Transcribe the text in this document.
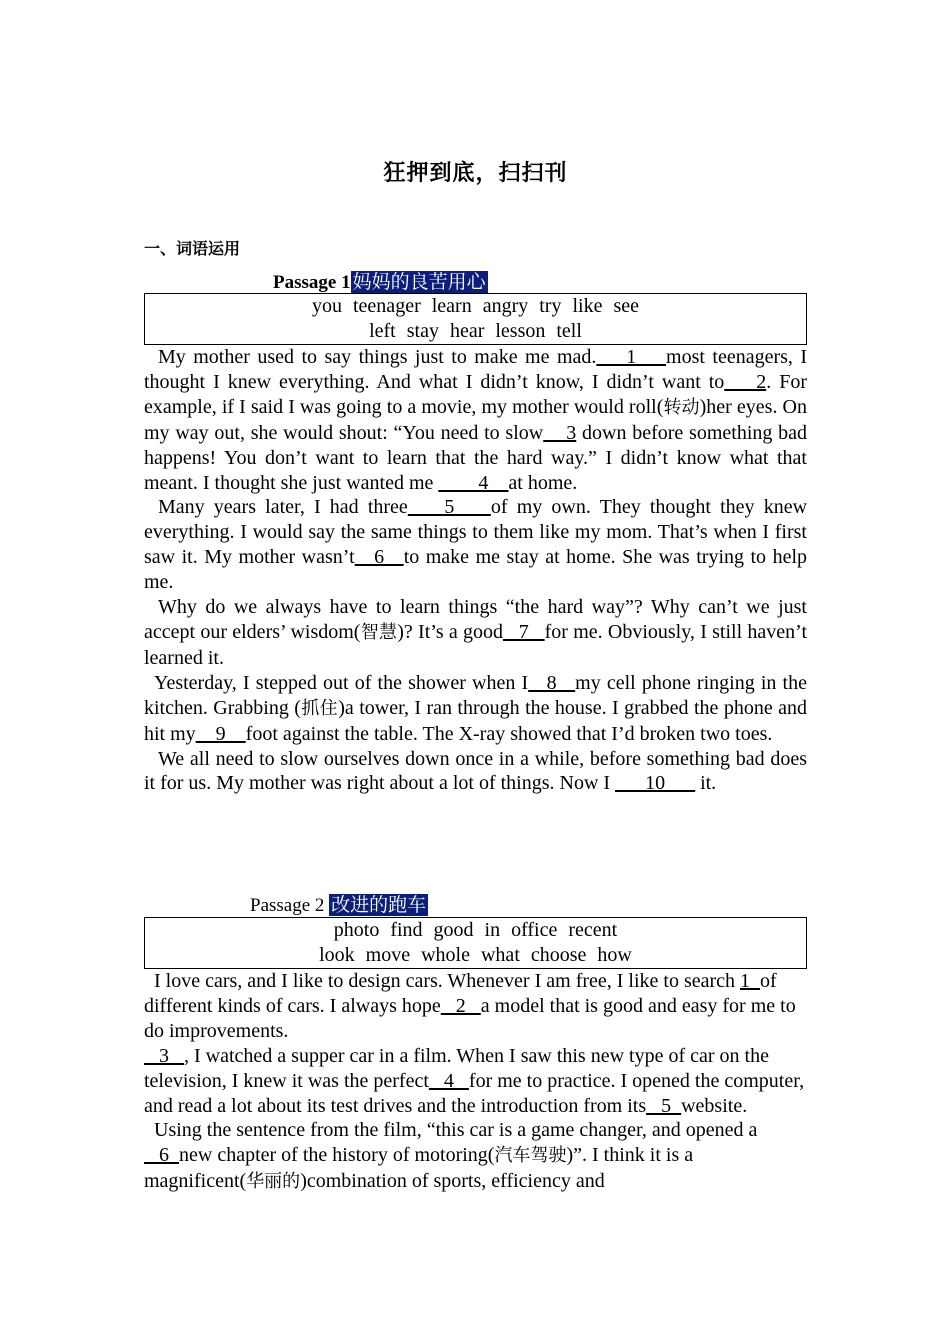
狂押到底，扫扫刊
一、词语运用
Passage 1 妈妈的良苦用心
you teenager learn angry try like see
left stay hear lesson tell

My mother used to say things just to make me mad.    1    most teenagers, I thought I knew everything. And what I didn’t know, I didn’t want to    2. For example, if I said I was going to a movie, my mother would roll(转动)her eyes. On my way out, she would shout: “You need to slow    3 down before something bad happens! You don’t want to learn that the hard way.” I didn’t know what that meant. I thought she just wanted me ____4__at home.

Many years later, I had three    5    of my own. They thought they knew everything. I would say the same things to them like my mom. That’s when I first saw it. My mother wasn’t   6   to make me stay at home. She was trying to help me.

Why do we always have to learn things “the hard way”? Why can’t we just accept our elders’ wisdom(智慧)? It’s a good   7   for me. Obviously, I still haven’t learned it.

Yesterday, I stepped out of the shower when I   8   my cell phone ringing in the kitchen. Grabbing (抓住)a tower, I ran through the house. I grabbed the phone and hit my    9    foot against the table. The X-ray showed that I’d broken two toes.

We all need to slow ourselves down once in a while, before something bad does it for us. My mother was right about a lot of things. Now I ___10___ it.

Passage 2 改进的跑车
photo find good in office recent
look move whole what choose how

I love cars, and I like to design cars. Whenever I am free, I like to search 1  of different kinds of cars. I always hope   2   a model that is good and easy for me to do improvements.

3   , I watched a supper car in a film. When I saw this new type of car on the television, I knew it was the perfect   4   for me to practice. I opened the computer, and read a lot about its test drives and the introduction from its   5  website.

Using the sentence from the film, “this car is a game changer, and opened a   6  new chapter of the history of motoring(汽车驾驶)”. I think it is a magnificent(华丽的)combination of sports, efficiency and
